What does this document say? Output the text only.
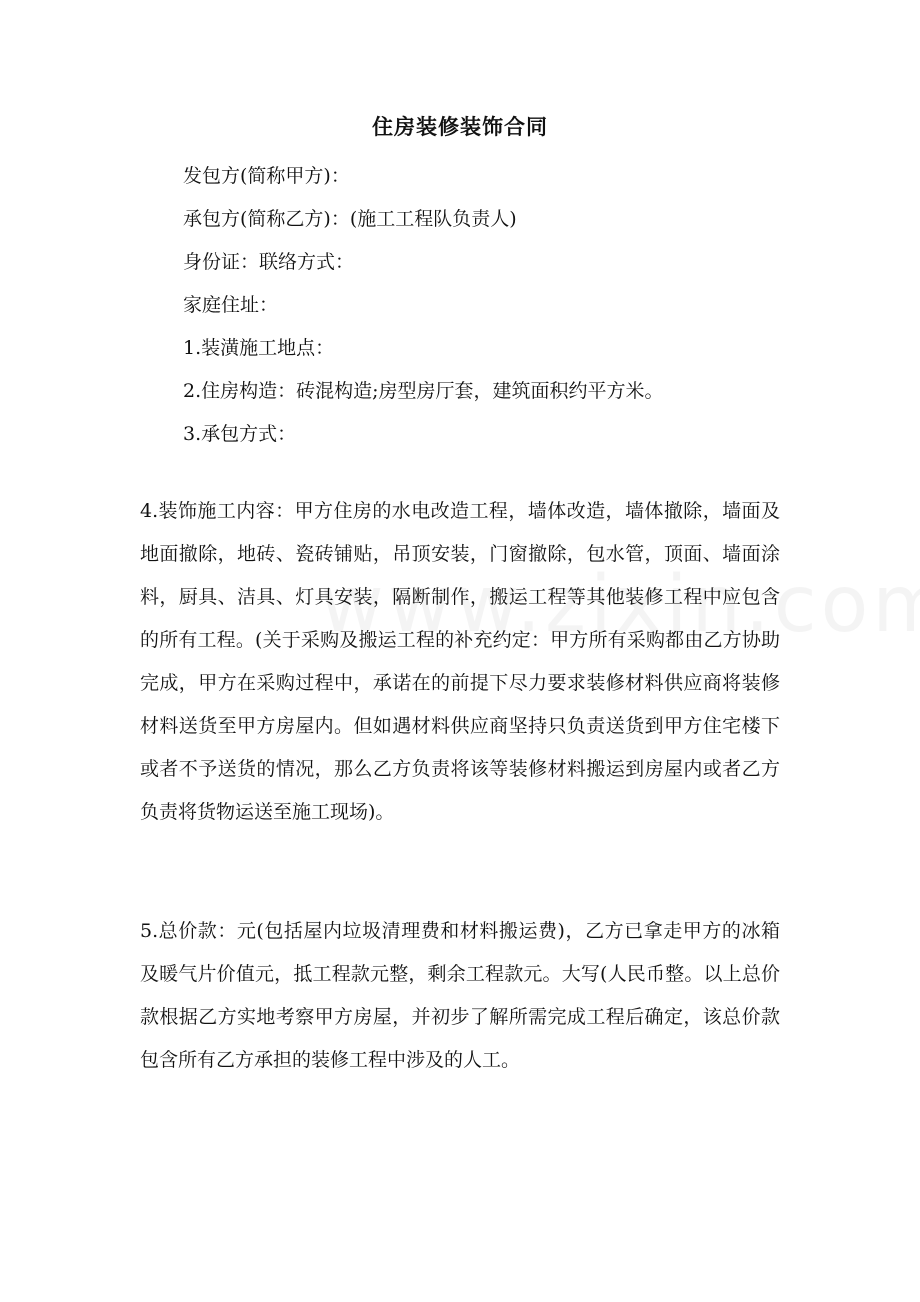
住房装修装饰合同
发包方(简称甲方)：
承包方(简称乙方)：(施工工程队负责人)
身份证：联络方式：
家庭住址：
1.装潢施工地点：
2.住房构造：砖混构造;房型房厅套，建筑面积约平方米。
3.承包方式：
4.装饰施工内容：甲方住房的水电改造工程，墙体改造，墙体撤除，墙面及地面撤除，地砖、瓷砖铺贴，吊顶安装，门窗撤除，包水管，顶面、墙面涂料，厨具、洁具、灯具安装，隔断制作，搬运工程等其他装修工程中应包含的所有工程。(关于采购及搬运工程的补充约定：甲方所有采购都由乙方协助完成，甲方在采购过程中，承诺在的前提下尽力要求装修材料供应商将装修材料送货至甲方房屋内。但如遇材料供应商坚持只负责送货到甲方住宅楼下或者不予送货的情况，那么乙方负责将该等装修材料搬运到房屋内或者乙方负责将货物运送至施工现场)。
5.总价款：元(包括屋内垃圾清理费和材料搬运费)，乙方已拿走甲方的冰箱及暖气片价值元，抵工程款元整，剩余工程款元。大写(人民币整。以上总价款根据乙方实地考察甲方房屋，并初步了解所需完成工程后确定，该总价款包含所有乙方承担的装修工程中涉及的人工。
